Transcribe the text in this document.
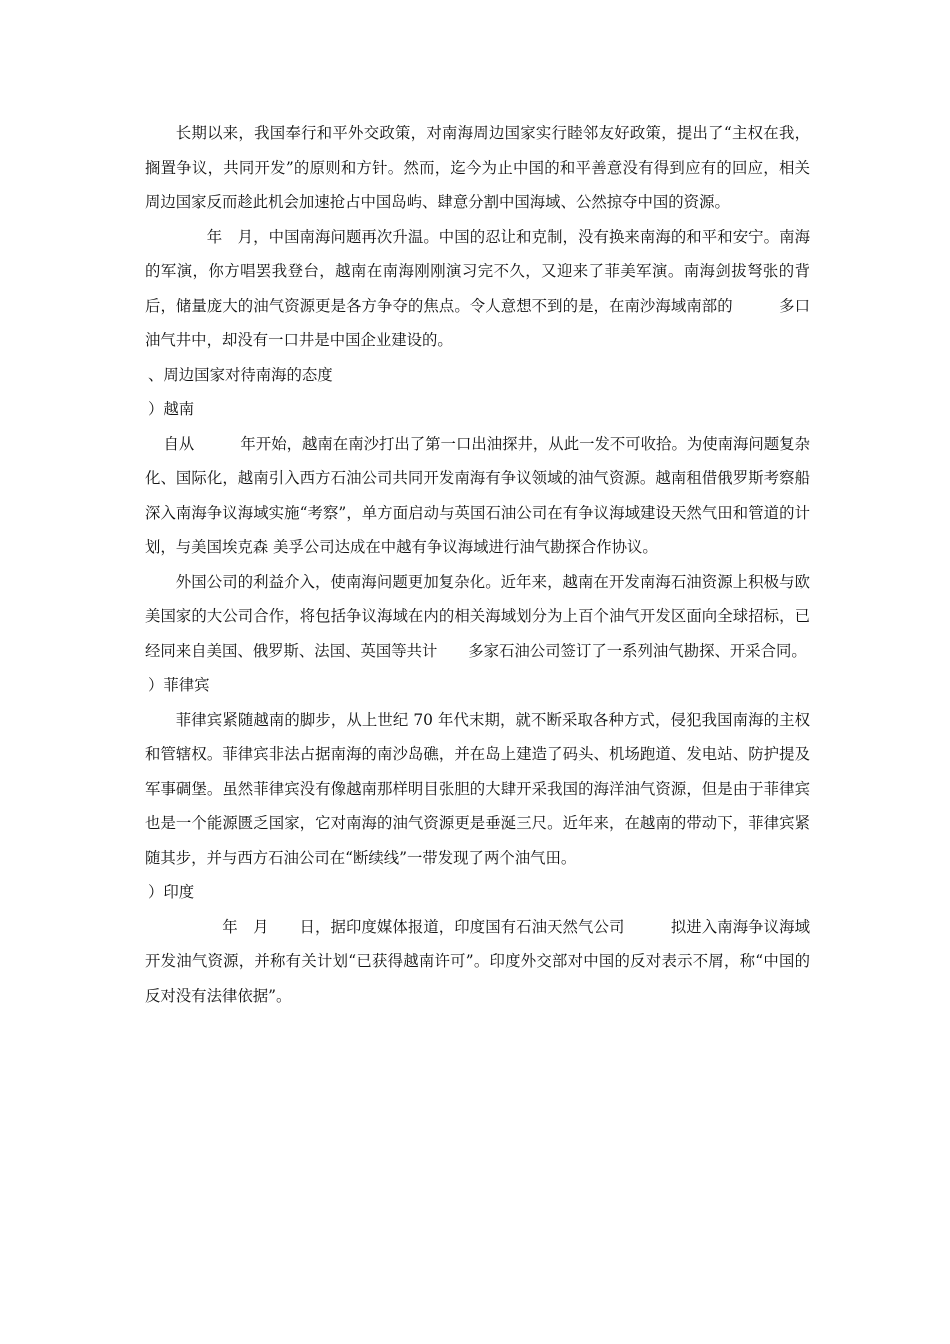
长期以来，我国奉行和平外交政策，对南海周边国家实行睦邻友好政策，提出了“主权在我，搁置争议，共同开发”的原则和方针。然而，迄今为止中国的和平善意没有得到应有的回应，相关周边国家反而趁此机会加速抢占中国岛屿、肆意分割中国海域、公然掠夺中国的资源。

　　年　月，中国南海问题再次升温。中国的忍让和克制，没有换来南海的和平和安宁。南海的军演，你方唱罢我登台，越南在南海刚刚演习完不久，又迎来了菲美军演。南海剑拔弩张的背后，储量庞大的油气资源更是各方争夺的焦点。令人意想不到的是，在南沙海域南部的　　　多口油气井中，却没有一口井是中国企业建设的。

、周边国家对待南海的态度

）越南

自从　　　年开始，越南在南沙打出了第一口出油探井，从此一发不可收拾。为使南海问题复杂化、国际化，越南引入西方石油公司共同开发南海有争议领域的油气资源。越南租借俄罗斯考察船深入南海争议海域实施“考察”，单方面启动与英国石油公司在有争议海域建设天然气田和管道的计划，与美国埃克森 美孚公司达成在中越有争议海域进行油气勘探合作协议。

外国公司的利益介入，使南海问题更加复杂化。近年来，越南在开发南海石油资源上积极与欧美国家的大公司合作，将包括争议海域在内的相关海域划分为上百个油气开发区面向全球招标，已经同来自美国、俄罗斯、法国、英国等共计　　多家石油公司签订了一系列油气勘探、开采合同。

）菲律宾

菲律宾紧随越南的脚步，从上世纪 70 年代末期，就不断采取各种方式，侵犯我国南海的主权和管辖权。菲律宾非法占据南海的南沙岛礁，并在岛上建造了码头、机场跑道、发电站、防护提及军事碉堡。虽然菲律宾没有像越南那样明目张胆的大肆开采我国的海洋油气资源，但是由于菲律宾也是一个能源匮乏国家，它对南海的油气资源更是垂涎三尺。近年来，在越南的带动下，菲律宾紧随其步，并与西方石油公司在“断续线”一带发现了两个油气田。

）印度

　　　年　月　　日，据印度媒体报道，印度国有石油天然气公司　　　拟进入南海争议海域开发油气资源，并称有关计划“已获得越南许可”。印度外交部对中国的反对表示不屑，称“中国的反对没有法律依据”。
